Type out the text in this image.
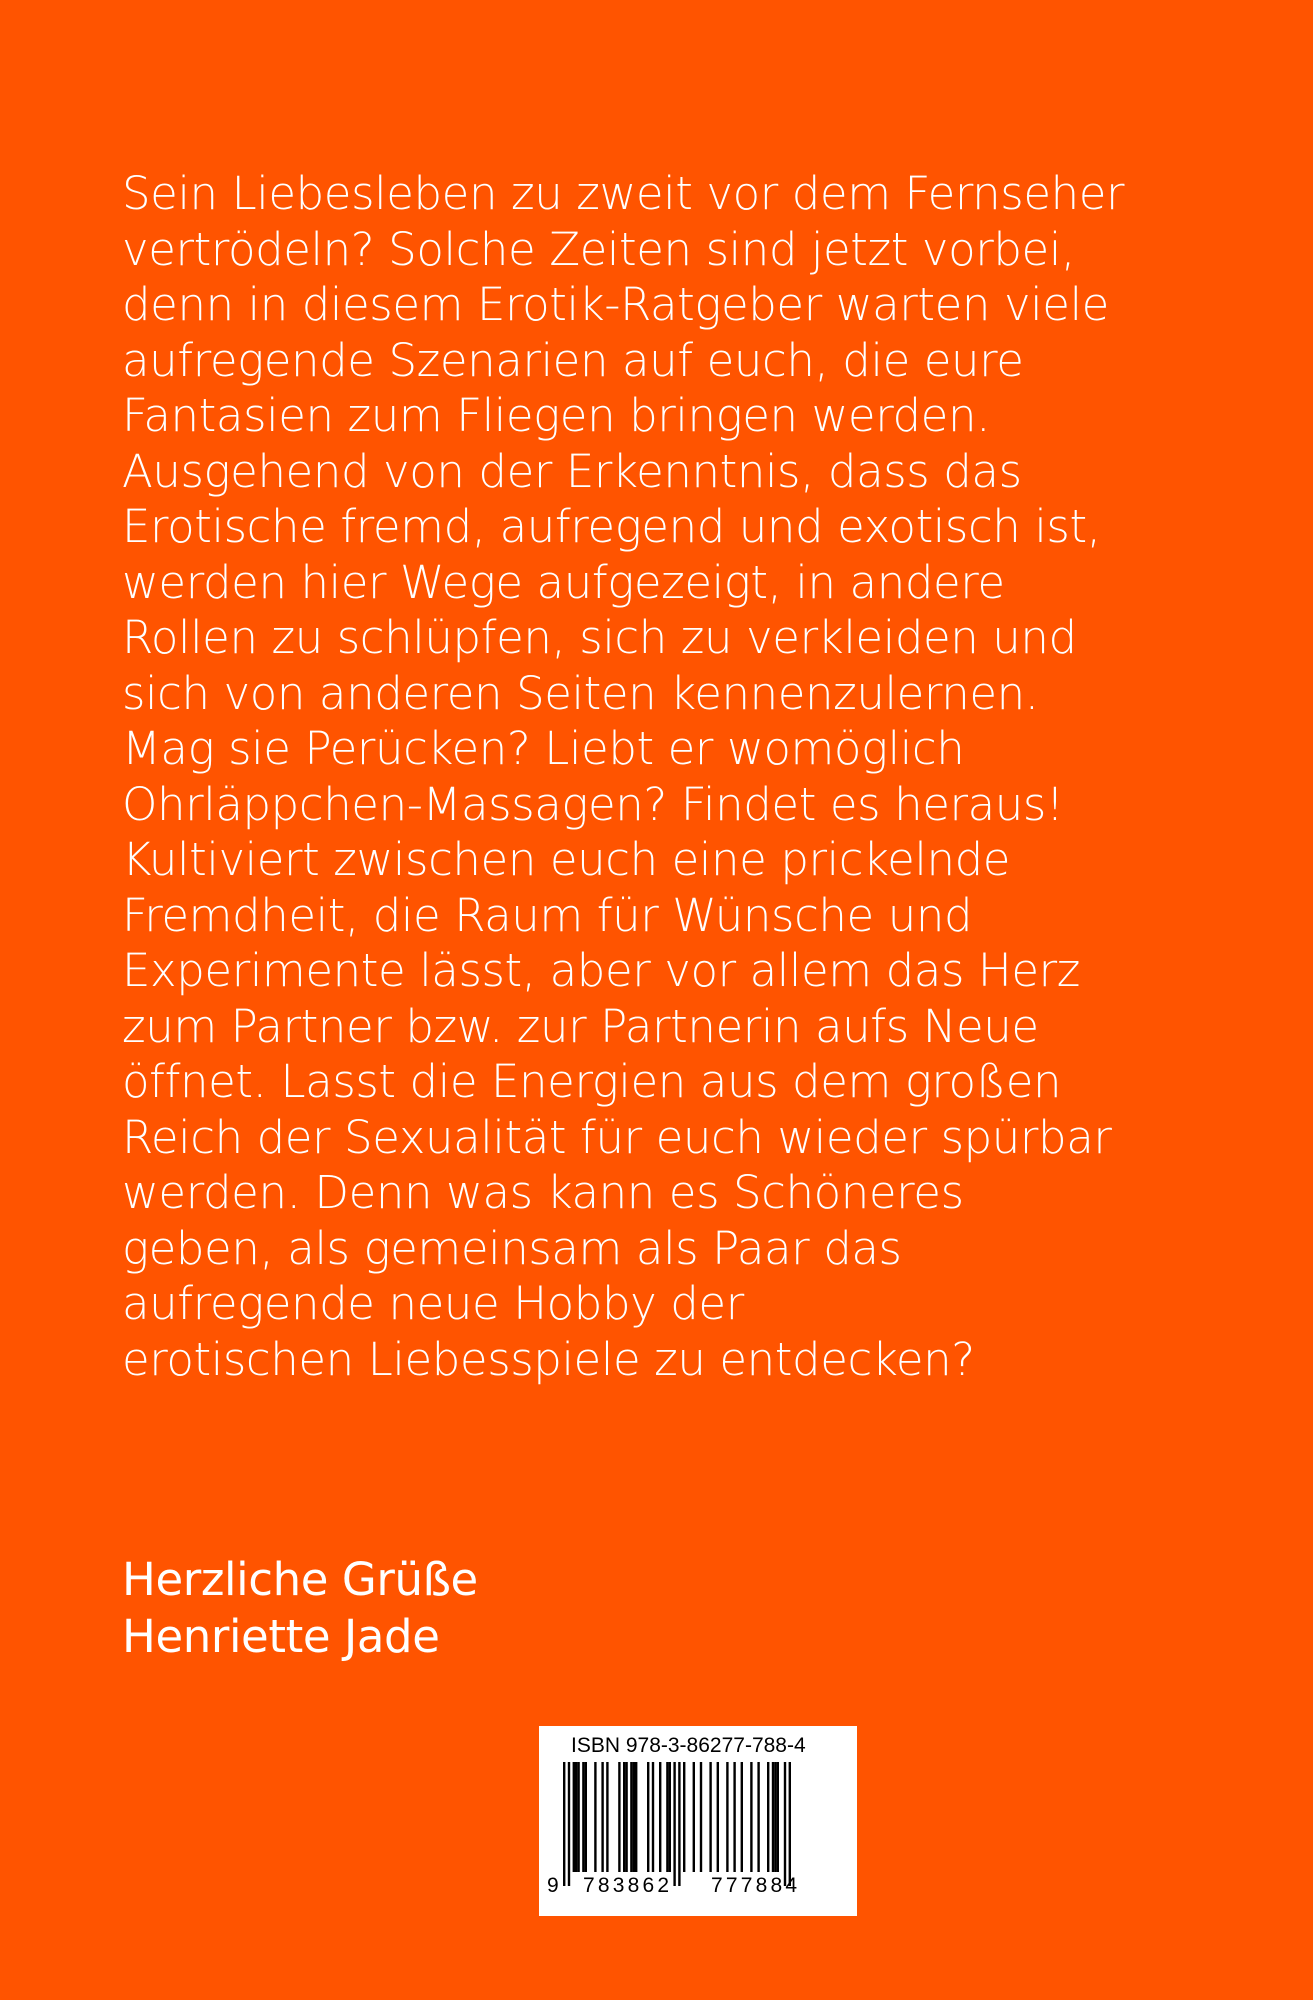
Sein Liebesleben zu zweit vor dem Fernseher
vertrödeln? Solche Zeiten sind jetzt vorbei,
denn in diesem Erotik-Ratgeber warten viele
aufregende Szenarien auf euch, die eure
Fantasien zum Fliegen bringen werden.
Ausgehend von der Erkenntnis, dass das
Erotische fremd, aufregend und exotisch ist,
werden hier Wege aufgezeigt, in andere
Rollen zu schlüpfen, sich zu verkleiden und
sich von anderen Seiten kennenzulernen.
Mag sie Perücken? Liebt er womöglich
Ohrläppchen-Massagen? Findet es heraus!
Kultiviert zwischen euch eine prickelnde
Fremdheit, die Raum für Wünsche und
Experimente lässt, aber vor allem das Herz
zum Partner bzw. zur Partnerin aufs Neue
öffnet. Lasst die Energien aus dem großen
Reich der Sexualität für euch wieder spürbar
werden. Denn was kann es Schöneres
geben, als gemeinsam als Paar das
aufregende neue Hobby der
erotischen Liebesspiele zu entdecken?
Herzliche Grüße
Henriette Jade
ISBN 978-3-86277-788-4
9 783862 777884
